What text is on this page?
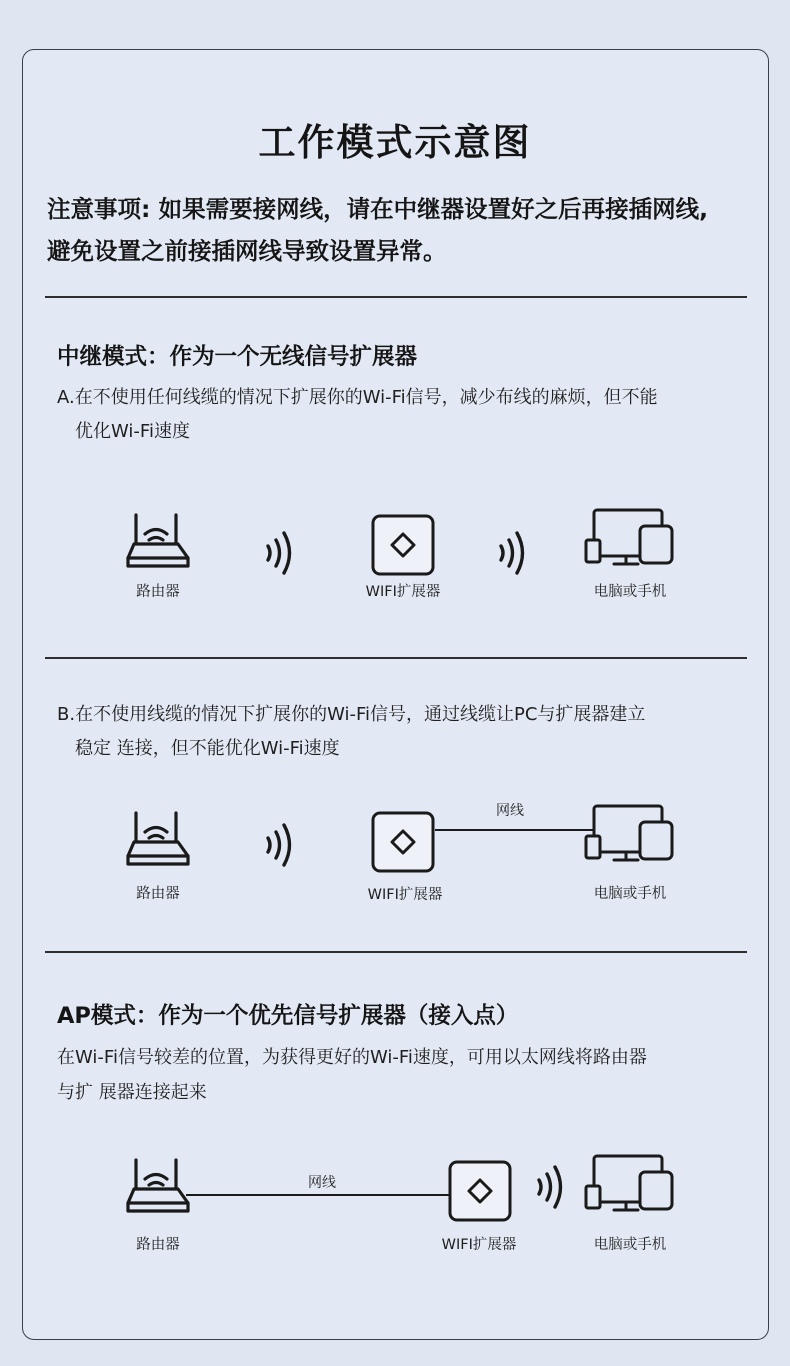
工作模式示意图
注意事项: 如果需要接网线，请在中继器设置好之后再接插网线,
避免设置之前接插网线导致设置异常。
中继模式：作为一个无线信号扩展器
A.在不使用任何线缆的情况下扩展你的Wi-Fi信号，减少布线的麻烦，但不能
优化Wi-Fi速度
路由器	WIFI扩展器	电脑或手机
B.在不使用线缆的情况下扩展你的Wi-Fi信号，通过线缆让PC与扩展器建立
稳定 连接，但不能优化Wi-Fi速度
路由器	WIFI扩展器
网线
电脑或手机
AP模式：作为一个优先信号扩展器（接入点）
在Wi-Fi信号较差的位置，为获得更好的Wi-Fi速度，可用以太网线将路由器
与扩 展器连接起来
路由器
网线
WIFI扩展器	电脑或手机
